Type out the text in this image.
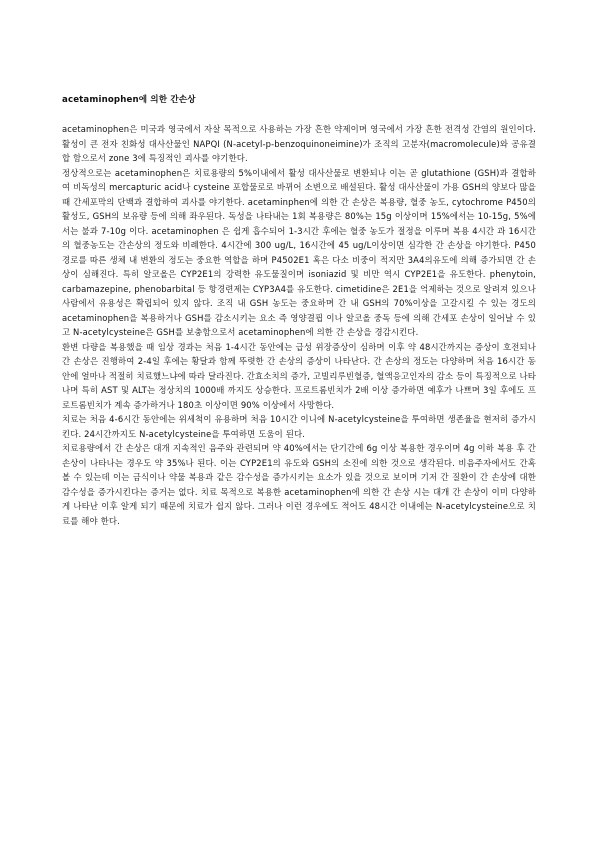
acetaminophen에 의한 간손상

acetaminophen은 미국과 영국에서 자살 목적으로 사용하는 가장 흔한 약제이며 영국에서 가장 흔한 전격성 간염의 원인이다. 활성이 큰 전자 친화성 대사산물인 NAPQI (N-acetyl-p-benzoquinoneimine)가 조직의 고분자(macromolecule)와 공유결합 함으로서 zone 3에 특징적인 괴사를 야기한다.

정상적으로는 acetaminophen은 치료용량의 5%이내에서 활성 대사산물로 변환되나 이는 곧 glutathione (GSH)과 결합하여 비독성의 mercapturic acid나 cysteine 포합물로로 바뀌어 소변으로 배설된다. 활성 대사산물이 가용 GSH의 양보다 많을 때 간세포막의 단백과 결합하여 괴사를 야기한다. acetaminphen에 의한 간 손상은 복용량, 혈중 농도, cytochrome P450의 활성도, GSH의 보유량 등에 의해 좌우된다. 독성을 나타내는 1회 복용량은 80%는 15g 이상이며 15%에서는 10-15g, 5%에서는 불과 7-10g 이다. acetaminophen 은 쉽게 흡수되어 1-3시간 후에는 혈중 농도가 절정을 이루며 복용 4시간 과 16시간의 혈중농도는 간손상의 정도와 비례한다. 4시간에 300 ug/L, 16시간에 45 ug/L이상이면 심각한 간 손상을 야기한다. P450 경로를 따른 생체 내 변환의 정도는 중요한 역할을 하며 P4502E1 혹은 다소 비중이 적지만 3A4의유도에 의해 증가되면 간 손상이 심해진다. 특히 알코올은 CYP2E1의 강력한 유도물질이며 isoniazid 및 비만 역시 CYP2E1을 유도한다. phenytoin, carbamazepine, phenobarbital 등 항경련제는 CYP3A4를 유도한다. cimetidine은 2E1을 억제하는 것으로 알려져 있으나 사람에서 유용성은 확립되어 있지 않다. 조직 내 GSH 농도는 중요하며 간 내 GSH의 70%이상을 고갈시킬 수 있는 경도의 acetaminophen을 복용하거나 GSH를 감소시키는 요소 즉 영양결핍 이나 알코올 중독 등에 의해 간세포 손상이 일어날 수 있고 N-acetylcysteine은 GSH를 보충함으로서 acetaminophen에 의한 간 손상을 경감시킨다.

환변 다량을 복용했을 때 임상 경과는 처음 1-4시간 동안에는 급성 위장증상이 심하며 이후 약 48시간까지는 증상이 호전되나 간 손상은 진행하여 2-4일 후에는 황달과 함께 뚜렷한 간 손상의 증상이 나타난다. 간 손상의 정도는 다양하며 처음 16시간 동안에 얼마나 적절히 치료했느냐에 따라 달라진다. 간효소치의 증가, 고빌리루빈혈증, 혈액응고인자의 감소 등이 특징적으로 나타나며 특히 AST 및 ALT는 정상치의 1000배 까지도 상승한다. 프로트롬빈치가 2배 이상 증가하면 예후가 나쁘며 3일 후에도 프로트롬빈치가 계속 증가하거나 180초 이상이면 90% 이상에서 사망한다.

치료는 처음 4-6시간 동안에는 위세척이 유용하며 처음 10시간 이니에 N-acetylcysteine을 투여하면 생존율을 현저히 증가시킨다. 24시간까지도 N-acetylcysteine을 투여하면 도움이 된다.

치료용량에서 간 손상은 대개 지속적인 음주와 관련되며 약 40%에서는 단기간에 6g 이상 복용한 경우이며 4g 이하 복용 후 간 손상이 나타나는 경우도 약 35%나 된다. 이는 CYP2E1의 유도와 GSH의 소진에 의한 것으로 생각된다. 비음주자에서도 간혹 볼 수 있는데 이는 금식이나 약물 복용과 같은 감수성을 증가시키는 요소가 있을 것으로 보이며 기저 간 질환이 간 손상에 대한 감수성을 증가시킨다는 증거는 없다. 치료 목적으로 복용한 acetaminophen에 의한 간 손상 시는 대개 간 손상이 이미 다양하게 나타난 이후 알게 되기 때문에 치료가 쉽지 않다. 그러나 이런 경우에도 적어도 48시간 이내에는 N-acetylcysteine으로 치료를 해야 한다.
